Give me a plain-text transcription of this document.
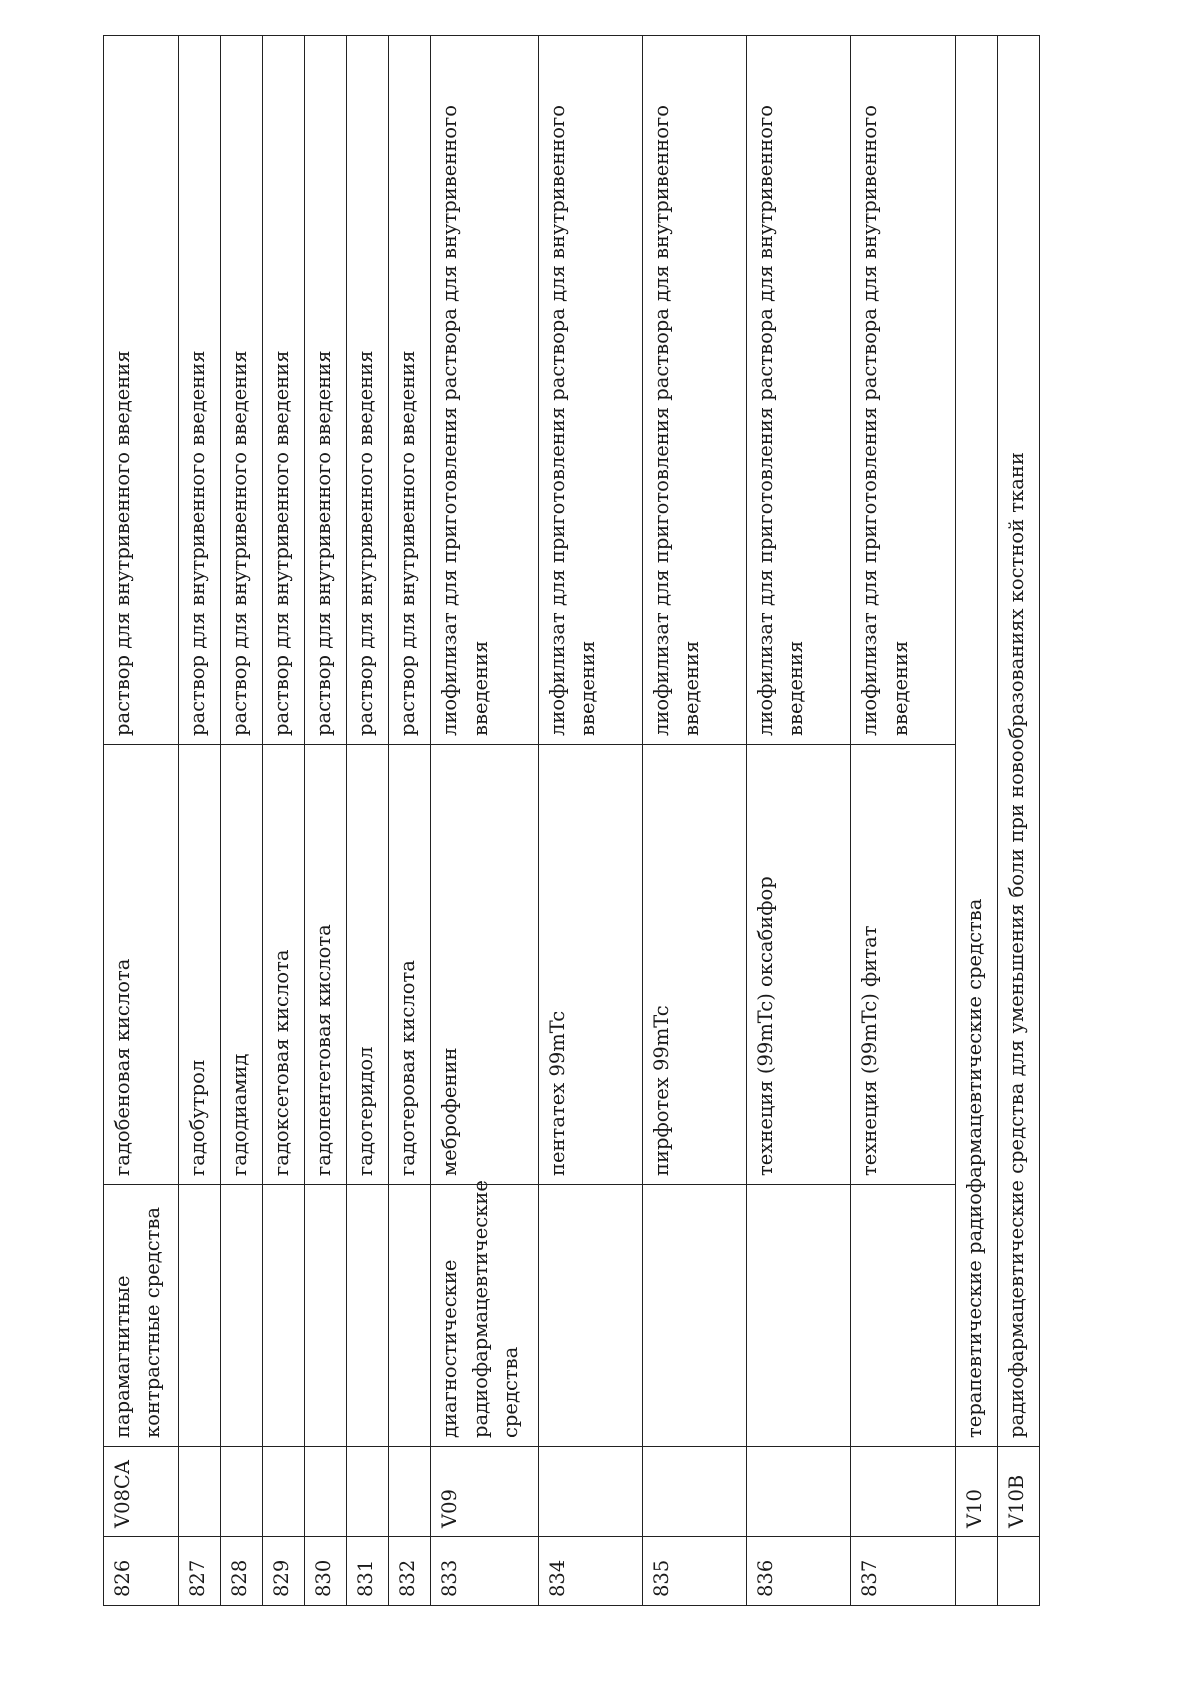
826	V08CA	парамагнитные контрастные средства	гадобеновая кислота	раствор для внутривенного введения
827			гадобутрол	раствор для внутривенного введения
828			гадодиамид	раствор для внутривенного введения
829			гадоксетовая кислота	раствор для внутривенного введения
830			гадопентетовая кислота	раствор для внутривенного введения
831			гадотеридол	раствор для внутривенного введения
832			гадотеровая кислота	раствор для внутривенного введения
833	V09	диагностические радиофармацевтические средства	меброфенин	лиофилизат для приготовления раствора для внутривенного введения
834			пентатех 99mTc	лиофилизат для приготовления раствора для внутривенного введения
835			пирфотех 99mTc	лиофилизат для приготовления раствора для внутривенного введения
836			технеция (99mTc) оксабифор	лиофилизат для приготовления раствора для внутривенного введения
837			технеция (99mTc) фитат	лиофилизат для приготовления раствора для внутривенного введения
	V10	терапевтические радиофармацевтические средства		
	V10B	радиофармацевтические средства для уменьшения боли при новообразованиях костной ткани		
